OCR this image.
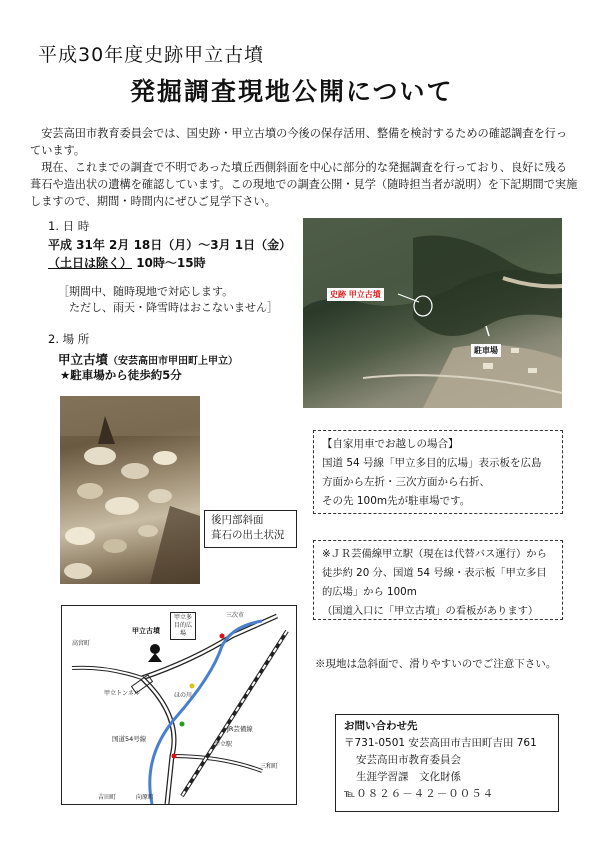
平成30年度史跡甲立古墳
発掘調査現地公開について

安芸高田市教育委員会では、国史跡・甲立古墳の今後の保存活用、整備を検討するための確認調査を行っています。

現在、これまでの調査で不明であった墳丘西側斜面を中心に部分的な発掘調査を行っており、良好に残る葺石や造出状の遺構を確認しています。この現地での調査公開・見学（随時担当者が説明）を下記期間で実施しますので、期間・時間内にぜひご見学下さい。

1. 日 時
平成 31年 2月 18日（月）～3月 1日（金）
（土日は除く） 10時～15時
［期間中、随時現地で対応します。
　ただし、雨天・降雪時はおこないません］
2. 場 所
甲立古墳（安芸高田市甲田町上甲立）
★駐車場から徒歩約5分
史跡 甲立古墳
駐車場
後円部斜面
葺石の出土状況
【自家用車でお越しの場合】
国道 54 号線「甲立多目的広場」表示板を広島
方面から左折・三次方面から右折、
その先 100m先が駐車場です。
※ＪＲ芸備線甲立駅（現在は代替バス運行）から
徒歩約 20 分、国道 54 号線・表示板「甲立多目
的広場」から 100m
（国道入口に「甲立古墳」の看板があります）
※現地は急斜面で、滑りやすいのでご注意下さい。
甲立古墳
甲立多目的広場
甲立トンネル
国道54号線
JR芸備線
甲立駅
ほの川
三次市
高宮町
三和町
吉田町	向原町
お問い合わせ先
〒731-0501 安芸高田市吉田町吉田 761
安芸高田市教育委員会
生涯学習課　文化財係
℡０８２６－４２－００５４
